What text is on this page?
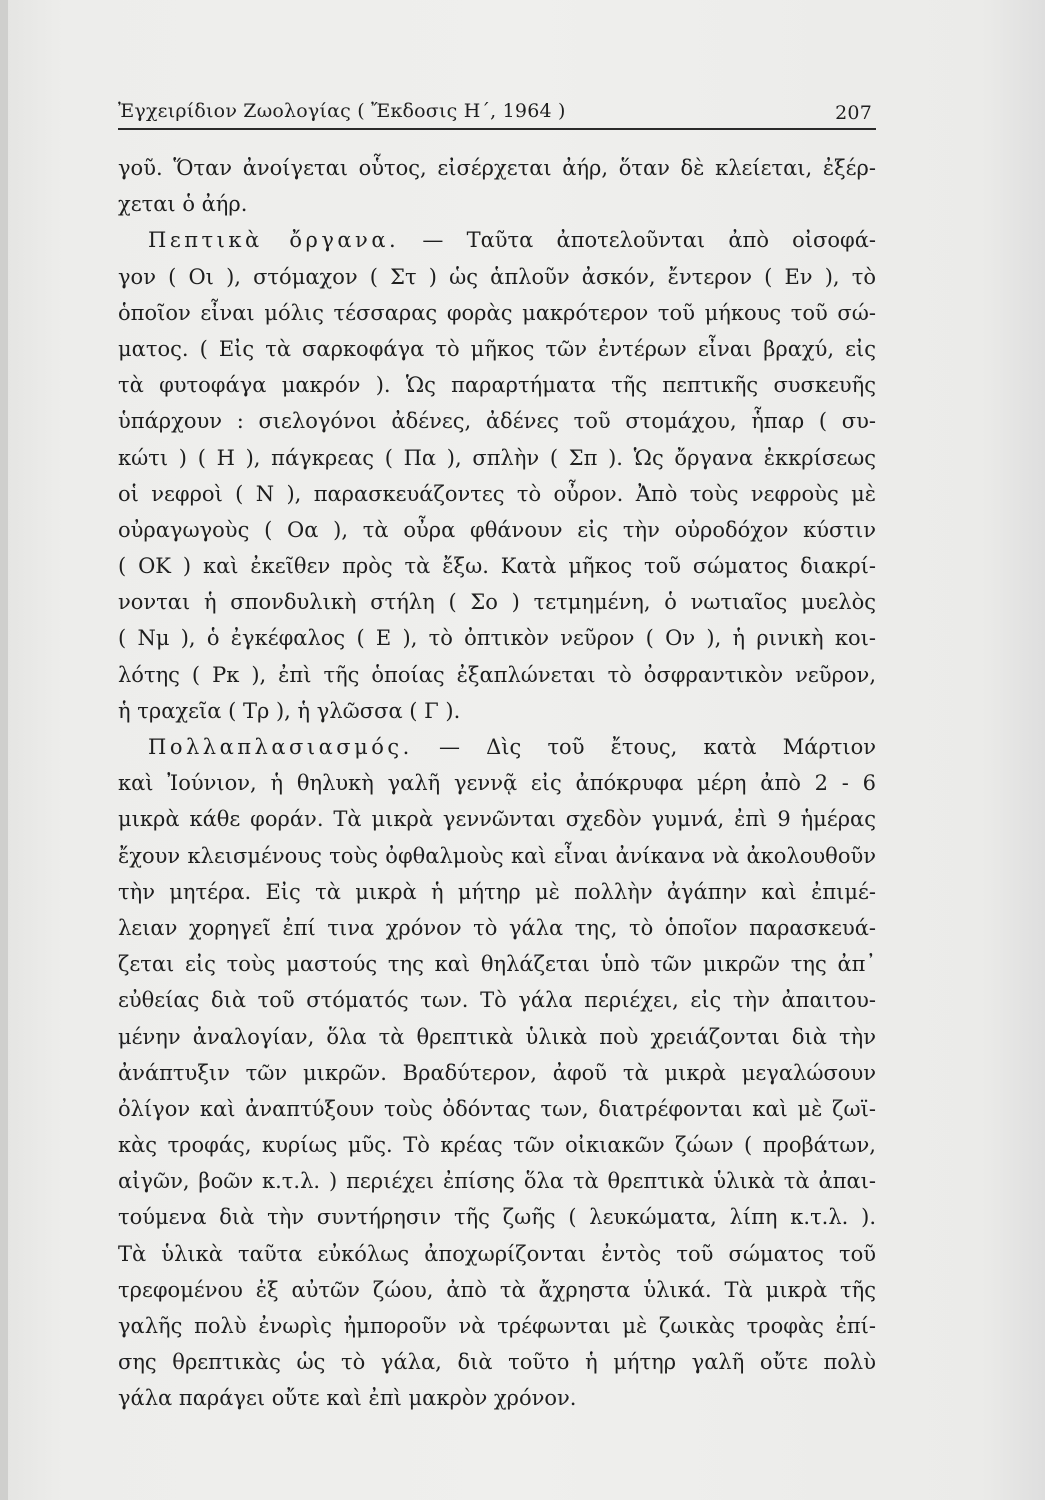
Ἐγχειρίδιον Ζωολογίας ( Ἔκδοσις Η΄, 1964 )	207
γοῦ. Ὅταν ἀνοίγεται οὗτος, εἰσέρχεται ἀήρ, ὅταν δὲ κλείεται, ἐξέρ-
χεται ὁ ἀήρ.
Πεπτικὰ ὄργανα. — Ταῦτα ἀποτελοῦνται ἀπὸ οἰσοφά-
γον ( Οι ), στόμαχον ( Στ ) ὡς ἁπλοῦν ἀσκόν, ἔντερον ( Εν ), τὸ
ὁποῖον εἶναι μόλις τέσσαρας φορὰς μακρότερον τοῦ μήκους τοῦ σώ-
ματος. ( Εἰς τὰ σαρκοφάγα τὸ μῆκος τῶν ἐντέρων εἶναι βραχύ, εἰς
τὰ φυτοφάγα μακρόν ). Ὡς παραρτήματα τῆς πεπτικῆς συσκευῆς
ὑπάρχουν : σιελογόνοι ἀδένες, ἀδένες τοῦ στομάχου, ἧπαρ ( συ-
κώτι ) ( Η ), πάγκρεας ( Πα ), σπλὴν ( Σπ ). Ὡς ὄργανα ἐκκρίσεως
οἱ νεφροὶ ( Ν ), παρασκευάζοντες τὸ οὖρον. Ἀπὸ τοὺς νεφροὺς μὲ
οὐραγωγοὺς ( Οα ), τὰ οὖρα φθάνουν εἰς τὴν οὐροδόχον κύστιν
( ΟΚ ) καὶ ἐκεῖθεν πρὸς τὰ ἔξω. Κατὰ μῆκος τοῦ σώματος διακρί-
νονται ἡ σπονδυλικὴ στήλη ( Σο ) τετμημένη, ὁ νωτιαῖος μυελὸς
( Νμ ), ὁ ἐγκέφαλος ( Ε ), τὸ ὀπτικὸν νεῦρον ( Ον ), ἡ ρινικὴ κοι-
λότης ( Ρκ ), ἐπὶ τῆς ὁποίας ἐξαπλώνεται τὸ ὀσφραντικὸν νεῦρον,
ἡ τραχεῖα ( Τρ ), ἡ γλῶσσα ( Γ ).
Πολλαπλασιασμός. — Δὶς τοῦ ἔτους, κατὰ Μάρτιον
καὶ Ἰούνιον, ἡ θηλυκὴ γαλῆ γεννᾷ εἰς ἀπόκρυφα μέρη ἀπὸ 2 - 6
μικρὰ κάθε φοράν. Τὰ μικρὰ γεννῶνται σχεδὸν γυμνά, ἐπὶ 9 ἡμέρας
ἔχουν κλεισμένους τοὺς ὀφθαλμοὺς καὶ εἶναι ἀνίκανα νὰ ἀκολουθοῦν
τὴν μητέρα. Εἰς τὰ μικρὰ ἡ μήτηρ μὲ πολλὴν ἀγάπην καὶ ἐπιμέ-
λειαν χορηγεῖ ἐπί τινα χρόνον τὸ γάλα της, τὸ ὁποῖον παρασκευά-
ζεται εἰς τοὺς μαστούς της καὶ θηλάζεται ὑπὸ τῶν μικρῶν της ἀπ᾽
εὐθείας διὰ τοῦ στόματός των. Τὸ γάλα περιέχει, εἰς τὴν ἀπαιτου-
μένην ἀναλογίαν, ὅλα τὰ θρεπτικὰ ὑλικὰ ποὺ χρειάζονται διὰ τὴν
ἀνάπτυξιν τῶν μικρῶν. Βραδύτερον, ἀφοῦ τὰ μικρὰ μεγαλώσουν
ὀλίγον καὶ ἀναπτύξουν τοὺς ὀδόντας των, διατρέφονται καὶ μὲ ζωϊ-
κὰς τροφάς, κυρίως μῦς. Τὸ κρέας τῶν οἰκιακῶν ζώων ( προβάτων,
αἰγῶν, βοῶν κ.τ.λ. ) περιέχει ἐπίσης ὅλα τὰ θρεπτικὰ ὑλικὰ τὰ ἀπαι-
τούμενα διὰ τὴν συντήρησιν τῆς ζωῆς ( λευκώματα, λίπη κ.τ.λ. ).
Τὰ ὑλικὰ ταῦτα εὐκόλως ἀποχωρίζονται ἐντὸς τοῦ σώματος τοῦ
τρεφομένου ἐξ αὐτῶν ζώου, ἀπὸ τὰ ἄχρηστα ὑλικά. Τὰ μικρὰ τῆς
γαλῆς πολὺ ἐνωρὶς ἠμποροῦν νὰ τρέφωνται μὲ ζωικὰς τροφὰς ἐπί-
σης θρεπτικὰς ὡς τὸ γάλα, διὰ τοῦτο ἡ μήτηρ γαλῆ οὔτε πολὺ
γάλα παράγει οὔτε καὶ ἐπὶ μακρὸν χρόνον.
